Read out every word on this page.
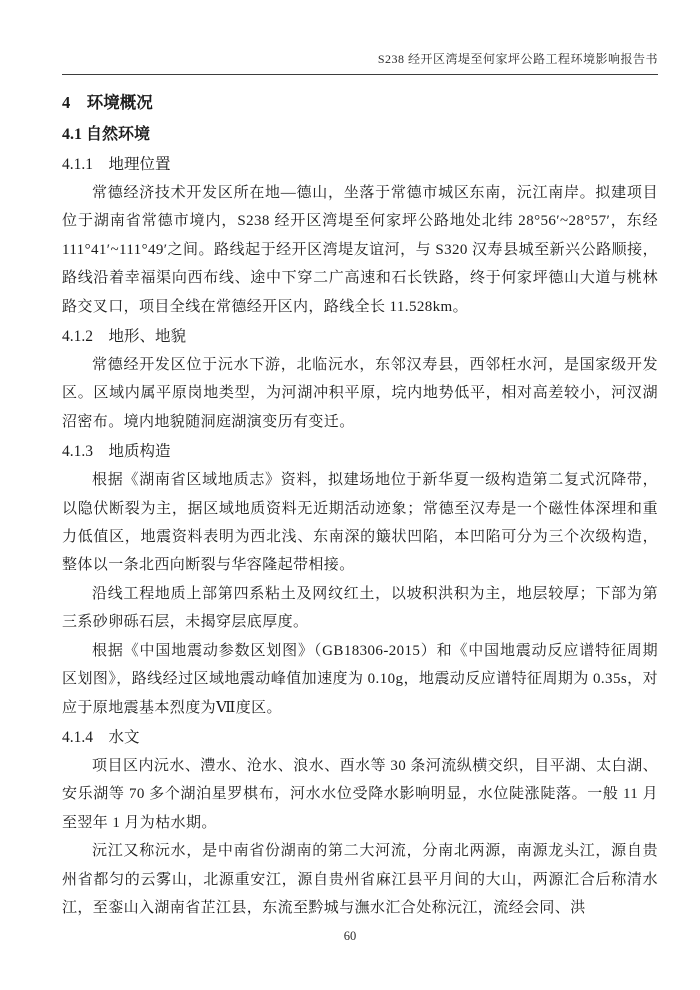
S238 经开区湾堤至何家坪公路工程环境影响报告书
4　环境概况
4.1 自然环境
4.1.1　地理位置

常德经济技术开发区所在地—德山，坐落于常德市城区东南，沅江南岸。拟建项目位于湖南省常德市境内，S238 经开区湾堤至何家坪公路地处北纬 28°56′~28°57′，东经 111°41′~111°49′之间。路线起于经开区湾堤友谊河，与 S320 汉寿县城至新兴公路顺接，路线沿着幸福渠向西布线、途中下穿二广高速和石长铁路，终于何家坪德山大道与桃林路交叉口，项目全线在常德经开区内，路线全长 11.528km。

4.1.2　地形、地貌

常德经开发区位于沅水下游，北临沅水，东邻汉寿县，西邻枉水河，是国家级开发区。区域内属平原岗地类型，为河湖冲积平原，垸内地势低平，相对高差较小，河汊湖沼密布。境内地貌随洞庭湖演变历有变迁。

4.1.3　地质构造

根据《湖南省区域地质志》资料，拟建场地位于新华夏一级构造第二复式沉降带，以隐伏断裂为主，据区域地质资料无近期活动迹象；常德至汉寿是一个磁性体深埋和重力低值区，地震资料表明为西北浅、东南深的簸状凹陷，本凹陷可分为三个次级构造，整体以一条北西向断裂与华容隆起带相接。

沿线工程地质上部第四系粘土及网纹红土，以坡积洪积为主，地层较厚；下部为第三系砂卵砾石层，未揭穿层底厚度。

根据《中国地震动参数区划图》（GB18306-2015）和《中国地震动反应谱特征周期区划图》，路线经过区域地震动峰值加速度为 0.10g，地震动反应谱特征周期为 0.35s，对应于原地震基本烈度为Ⅶ度区。

4.1.4　水文

项目区内沅水、澧水、沧水、浪水、酉水等 30 条河流纵横交织，目平湖、太白湖、安乐湖等 70 多个湖泊星罗棋布，河水水位受降水影响明显，水位陡涨陡落。一般 11 月至翌年 1 月为枯水期。

沅江又称沅水，是中南省份湖南的第二大河流，分南北两源，南源龙头江，源自贵州省都匀的云雾山，北源重安江，源自贵州省麻江县平月间的大山，两源汇合后称清水江，至銮山入湖南省芷江县，东流至黔城与潕水汇合处称沅江，流经会同、洪

60
